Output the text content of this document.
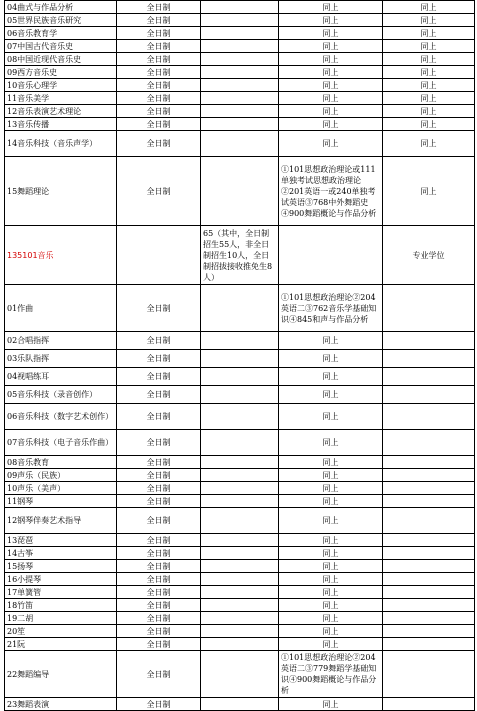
04曲式与作品分析	全日制		同上	同上
05世界民族音乐研究	全日制		同上	同上
06音乐教育学	全日制		同上	同上
07中国古代音乐史	全日制		同上	同上
08中国近现代音乐史	全日制		同上	同上
09西方音乐史	全日制		同上	同上
10音乐心理学	全日制		同上	同上
11音乐美学	全日制		同上	同上
12音乐表演艺术理论	全日制		同上	同上
13音乐传播	全日制		同上	同上
14音乐科技（音乐声学）	全日制		同上	同上
15舞蹈理论	全日制		①101思想政治理论或111单独考试思想政治理论②201英语一或240单独考试英语③768中外舞蹈史④900舞蹈概论与作品分析	同上
135101音乐		65（其中，全日制招生55人，非全日制招生10人，全日制招拔接收推免生8人）		专业学位
01作曲	全日制		①101思想政治理论②204英语二③762音乐学基础知识④845和声与作品分析	
02合唱指挥	全日制		同上	
03乐队指挥	全日制		同上	
04视唱练耳	全日制		同上	
05音乐科技（录音创作）	全日制		同上	
06音乐科技（数字艺术创作）	全日制		同上	
07音乐科技（电子音乐作曲）	全日制		同上	
08音乐教育	全日制		同上	
09声乐（民族）	全日制		同上	
10声乐（美声）	全日制		同上	
11钢琴	全日制		同上	
12钢琴伴奏艺术指导	全日制		同上	
13琵琶	全日制		同上	
14古筝	全日制		同上	
15扬琴	全日制		同上	
16小提琴	全日制		同上	
17单簧管	全日制		同上	
18竹笛	全日制		同上	
19二胡	全日制		同上	
20笙	全日制		同上	
21阮	全日制		同上	
22舞蹈编导	全日制		①101思想政治理论②204英语二③779舞蹈学基础知识④900舞蹈概论与作品分析	
23舞蹈表演	全日制		同上	
